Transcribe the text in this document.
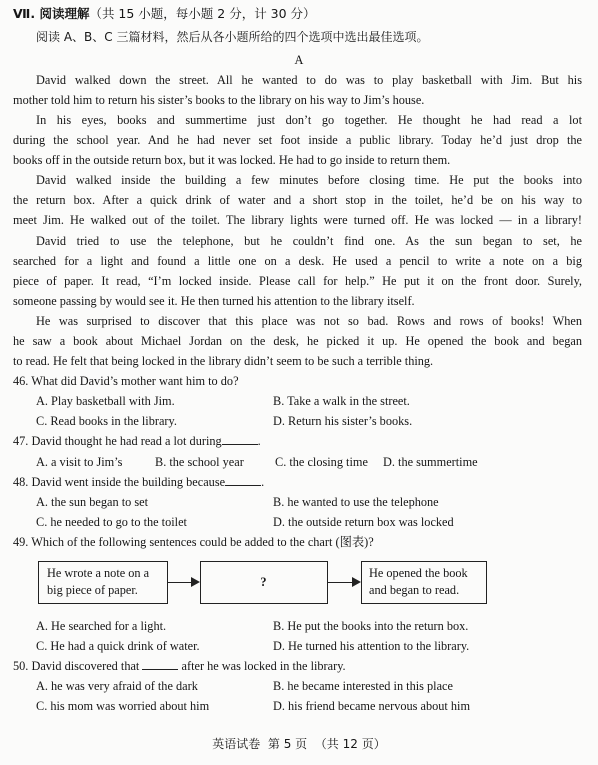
Ⅶ. 阅读理解（共 15 小题，每小题 2 分，计 30 分）
阅读 A、B、C 三篇材料，然后从各小题所给的四个选项中选出最佳选项。
A
David walked down the street. All he wanted to do was to play basketball with Jim. But his
mother told him to return his sister’s books to the library on his way to Jim’s house.
In his eyes, books and summertime just don’t go together. He thought he had read a lot
during the school year. And he had never set foot inside a public library. Today he’d just drop the
books off in the outside return box, but it was locked. He had to go inside to return them.
David walked inside the building a few minutes before closing time. He put the books into
the return box. After a quick drink of water and a short stop in the toilet, he’d be on his way to
meet Jim. He walked out of the toilet. The library lights were turned off. He was locked — in a library!
David tried to use the telephone, but he couldn’t find one. As the sun began to set, he
searched for a light and found a little one on a desk. He used a pencil to write a note on a big
piece of paper. It read, “I’m locked inside. Please call for help.” He put it on the front door. Surely,
someone passing by would see it. He then turned his attention to the library itself.
He was surprised to discover that this place was not so bad. Rows and rows of books! When
he saw a book about Michael Jordan on the desk, he picked it up. He opened the book and began
to read. He felt that being locked in the library didn’t seem to be such a terrible thing.
46. What did David’s mother want him to do?
A. Play basketball with Jim.	B. Take a walk in the street.
C. Read books in the library.	D. Return his sister’s books.
47. David thought he had read a lot during	.
A. a visit to Jim’s	B. the school year	C. the closing time D. the summertime
48. David went inside the building because	.
A. the sun began to set	B. he wanted to use the telephone
C. he needed to go to the toilet	D. the outside return box was locked
49. Which of the following sentences could be added to the chart (图表)?
He wrote a note on a
big piece of paper.
?
He opened the book
and began to read.
A. He searched for a light.	B. He put the books into the return box.
C. He had a quick drink of water.	D. He turned his attention to the library.
50. David discovered that	after he was locked in the library.
A. he was very afraid of the dark	B. he became interested in this place
C. his mom was worried about him	D. his friend became nervous about him
英语试卷  第 5 页  （共 12 页）
